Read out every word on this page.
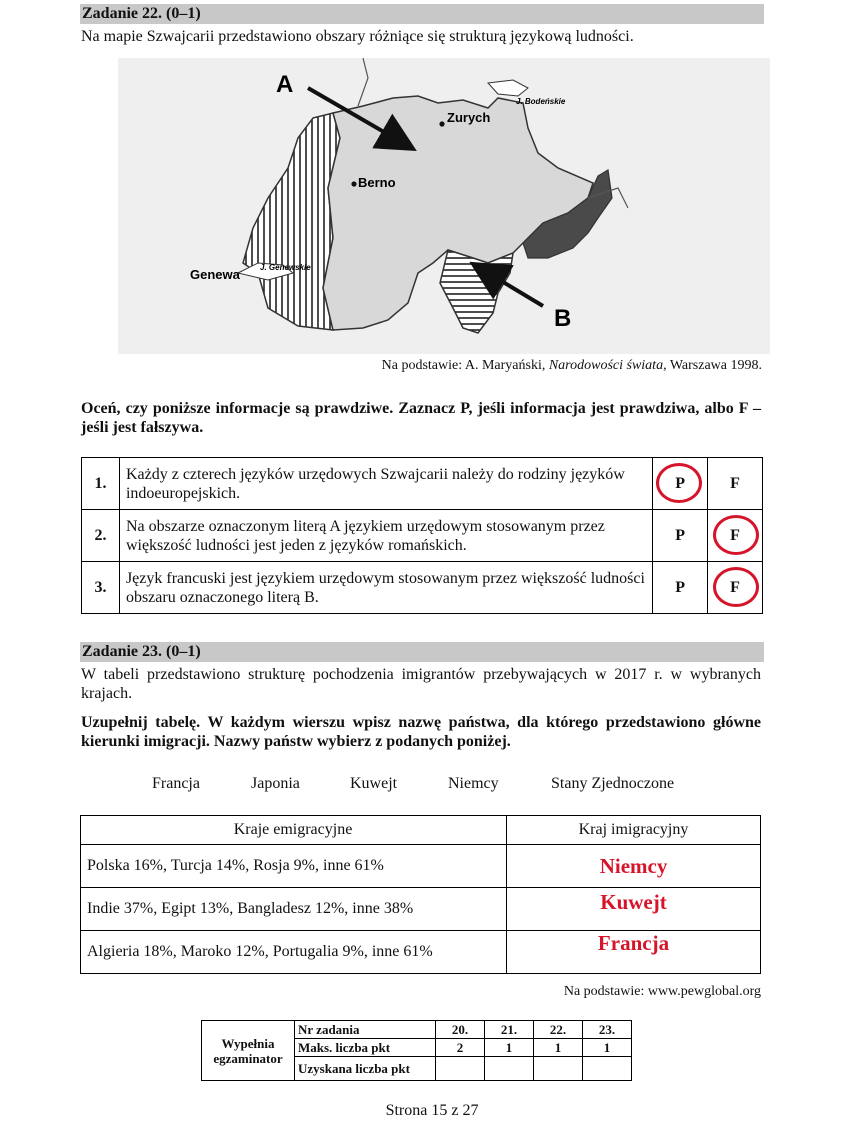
Zadanie 22. (0–1)
Na mapie Szwajcarii przedstawiono obszary różniące się strukturą językową ludności.
A
B
Zurych
Berno
Genewa
J. Bodeńskie
J. Genewskie
Na podstawie: A. Maryański, Narodowości świata, Warszawa 1998.
Oceń, czy poniższe informacje są prawdziwe. Zaznacz P, jeśli informacja jest prawdziwa, albo F – jeśli jest fałszywa.
1.	Każdy z czterech języków urzędowych Szwajcarii należy do rodziny języków indoeuropejskich.	P	F
2.	Na obszarze oznaczonym literą A językiem urzędowym stosowanym przez większość ludności jest jeden z języków romańskich.	P	F

3.	Język francuski jest językiem urzędowym stosowanym przez większość ludności obszaru oznaczonego literą B.	P	F
Zadanie 23. (0–1)
W tabeli przedstawiono strukturę pochodzenia imigrantów przebywających w 2017 r. w wybranych krajach.
Uzupełnij tabelę. W każdym wierszu wpisz nazwę państwa, dla którego przedstawiono główne kierunki imigracji. Nazwy państw wybierz z podanych poniżej.
Francja	Japonia	Kuwejt	Niemcy	Stany Zjednoczone
Kraje emigracyjne	Kraj imigracyjny
Polska 16%, Turcja 14%, Rosja 9%, inne 61%	Niemcy
Indie 37%, Egipt 13%, Bangladesz 12%, inne 38%	Kuwejt
Algieria 18%, Maroko 12%, Portugalia 9%, inne 61%	Francja
Na podstawie: www.pewglobal.org
Wypełnia egzaminator	Nr zadania	20.	21.	22.	23.
	Maks. liczba pkt	2	1	1	1
	Uzyskana liczba pkt				
Strona 15 z 27
